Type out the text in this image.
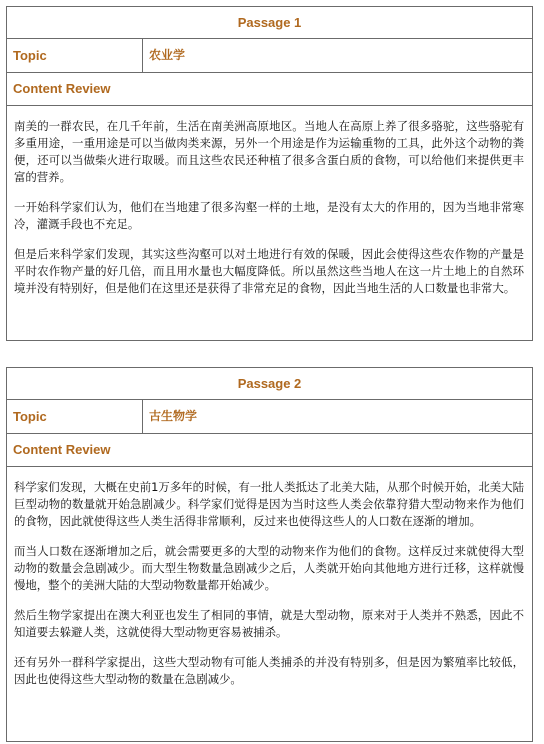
Passage 1
Topic	农业学
Content Review

南美的一群农民，在几千年前，生活在南美洲高原地区。当地人在高原上养了很多骆驼，这些骆驼有多重用途，一重用途是可以当做肉类来源，另外一个用途是作为运输重物的工具，此外这个动物的粪便，还可以当做柴火进行取暖。而且这些农民还种植了很多含蛋白质的食物，可以给他们来提供更丰富的营养。

一开始科学家们认为，他们在当地建了很多沟壑一样的土地，是没有太大的作用的，因为当地非常寒冷，灌溉手段也不充足。

但是后来科学家们发现，其实这些沟壑可以对土地进行有效的保暖，因此会使得这些农作物的产量是平时农作物产量的好几倍，而且用水量也大幅度降低。所以虽然这些当地人在这一片土地上的自然环境并没有特别好，但是他们在这里还是获得了非常充足的食物，因此当地生活的人口数量也非常大。

Passage 2
Topic	古生物学
Content Review

科学家们发现，大概在史前1万多年的时候，有一批人类抵达了北美大陆，从那个时候开始，北美大陆巨型动物的数量就开始急剧减少。科学家们觉得是因为当时这些人类会依靠狩猎大型动物来作为他们的食物，因此就使得这些人类生活得非常顺利，反过来也使得这些人的人口数在逐渐的增加。

而当人口数在逐渐增加之后，就会需要更多的大型的动物来作为他们的食物。这样反过来就使得大型动物的数量会急剧减少。而大型生物数量急剧减少之后，人类就开始向其他地方进行迁移，这样就慢慢地，整个的美洲大陆的大型动物数量都开始减少。

然后生物学家提出在澳大利亚也发生了相同的事情，就是大型动物，原来对于人类并不熟悉，因此不知道要去躲避人类，这就使得大型动物更容易被捕杀。

还有另外一群科学家提出，这些大型动物有可能人类捕杀的并没有特别多，但是因为繁殖率比较低，因此也使得这些大型动物的数量在急剧减少。
